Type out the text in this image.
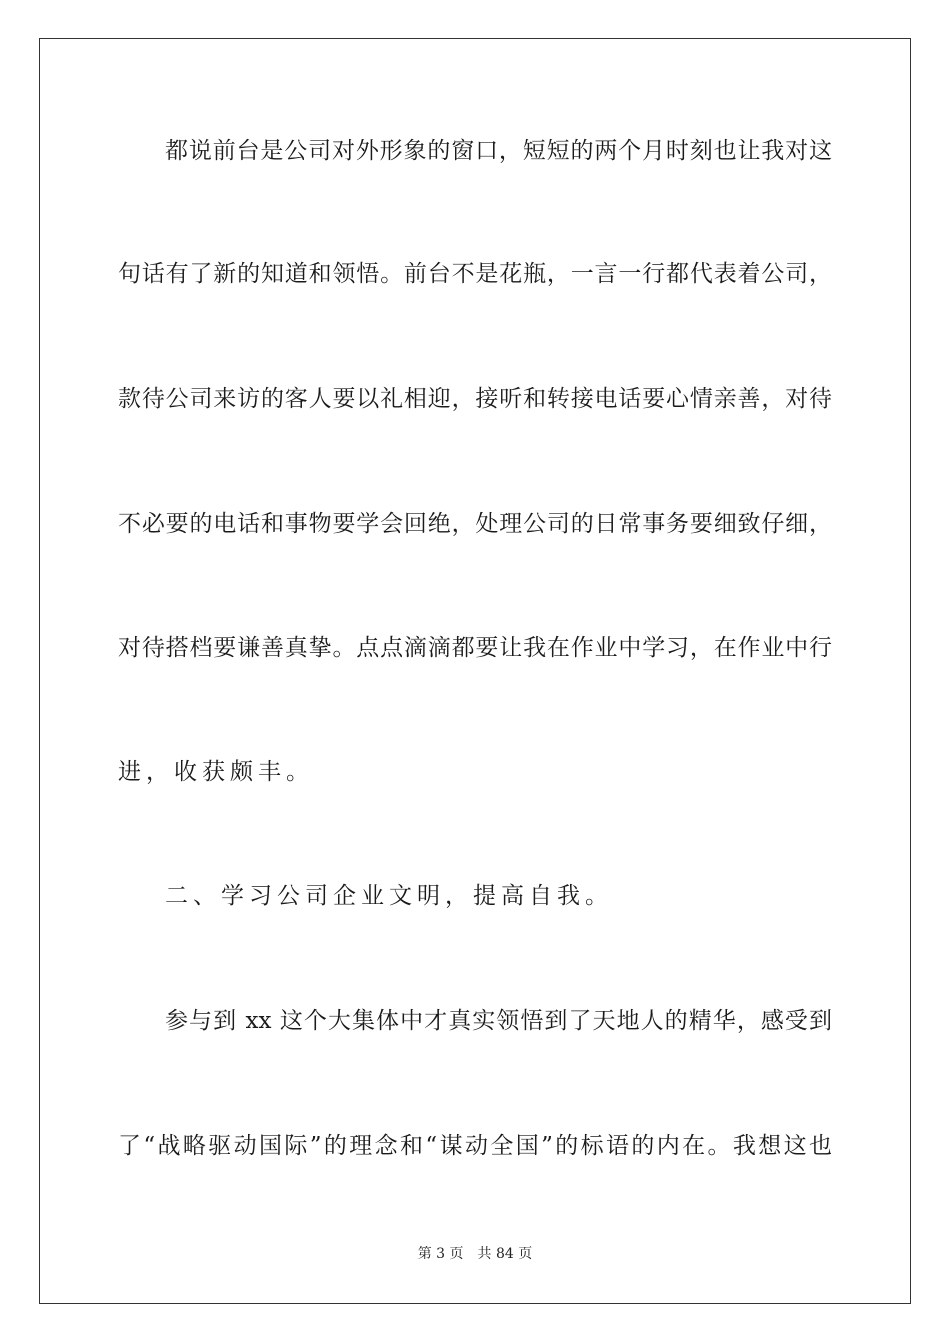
都说前台是公司对外形象的窗口，短短的两个月时刻也让我对这
句话有了新的知道和领悟。前台不是花瓶，一言一行都代表着公司，
款待公司来访的客人要以礼相迎，接听和转接电话要心情亲善，对待
不必要的电话和事物要学会回绝，处理公司的日常事务要细致仔细，
对待搭档要谦善真挚。点点滴滴都要让我在作业中学习，在作业中行
进，收获颇丰。
二、学习公司企业文明，提高自我。
参与到 xx 这个大集体中才真实领悟到了天地人的精华，感受到
了“战略驱动国际”的理念和“谋动全国”的标语的内在。我想这也
第 3 页 共 84 页
